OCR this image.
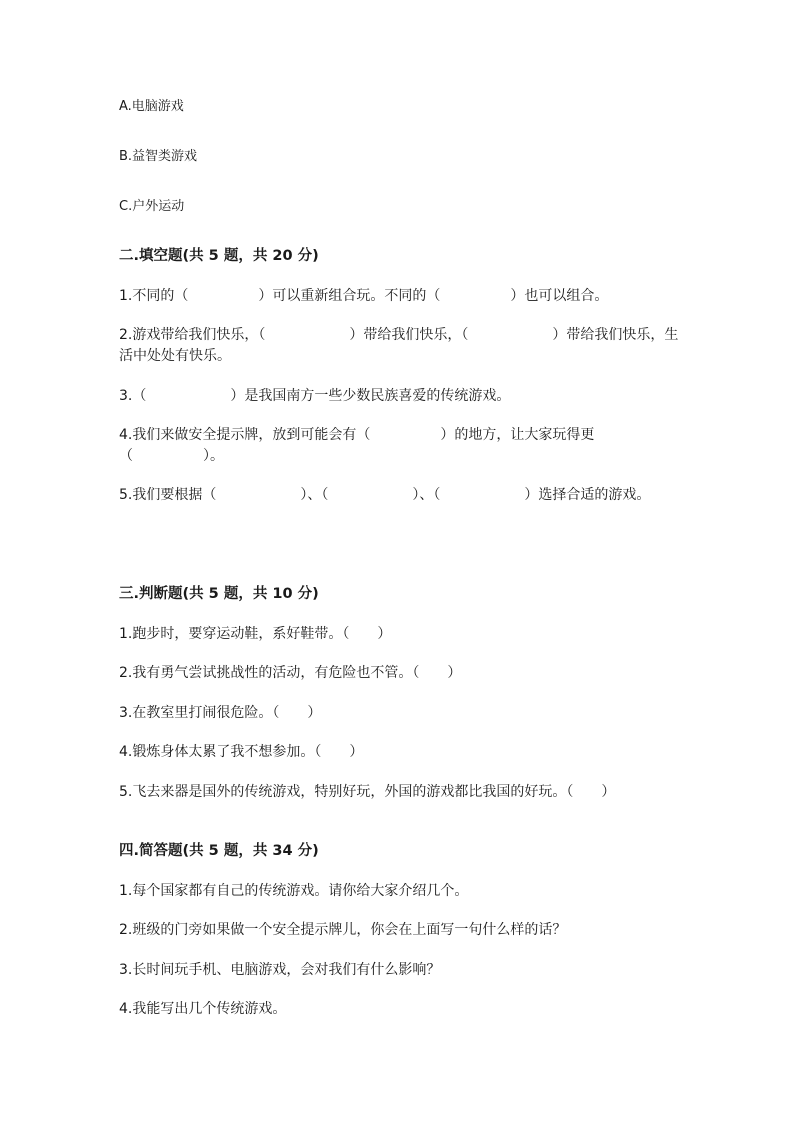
A.电脑游戏
B.益智类游戏
C.户外运动
二.填空题(共 5 题，共 20 分)
1.不同的（　　　　　）可以重新组合玩。不同的（　　　　　）也可以组合。
2.游戏带给我们快乐，（　　　　　　）带给我们快乐，（　　　　　　）带给我们快乐，生活中处处有快乐。
3.（　　　　　　）是我国南方一些少数民族喜爱的传统游戏。
4.我们来做安全提示牌，放到可能会有（　　　　　）的地方，让大家玩得更（　　　　　）。
5.我们要根据（　　　　　　）、（　　　　　　）、（　　　　　　）选择合适的游戏。
三.判断题(共 5 题，共 10 分)
1.跑步时，要穿运动鞋，系好鞋带。（　　）
2.我有勇气尝试挑战性的活动，有危险也不管。（　　）
3.在教室里打闹很危险。（　　）
4.锻炼身体太累了我不想参加。（　　）
5.飞去来器是国外的传统游戏，特别好玩，外国的游戏都比我国的好玩。（　　）
四.简答题(共 5 题，共 34 分)
1.每个国家都有自己的传统游戏。请你给大家介绍几个。
2.班级的门旁如果做一个安全提示牌儿，你会在上面写一句什么样的话？
3.长时间玩手机、电脑游戏，会对我们有什么影响？
4.我能写出几个传统游戏。
